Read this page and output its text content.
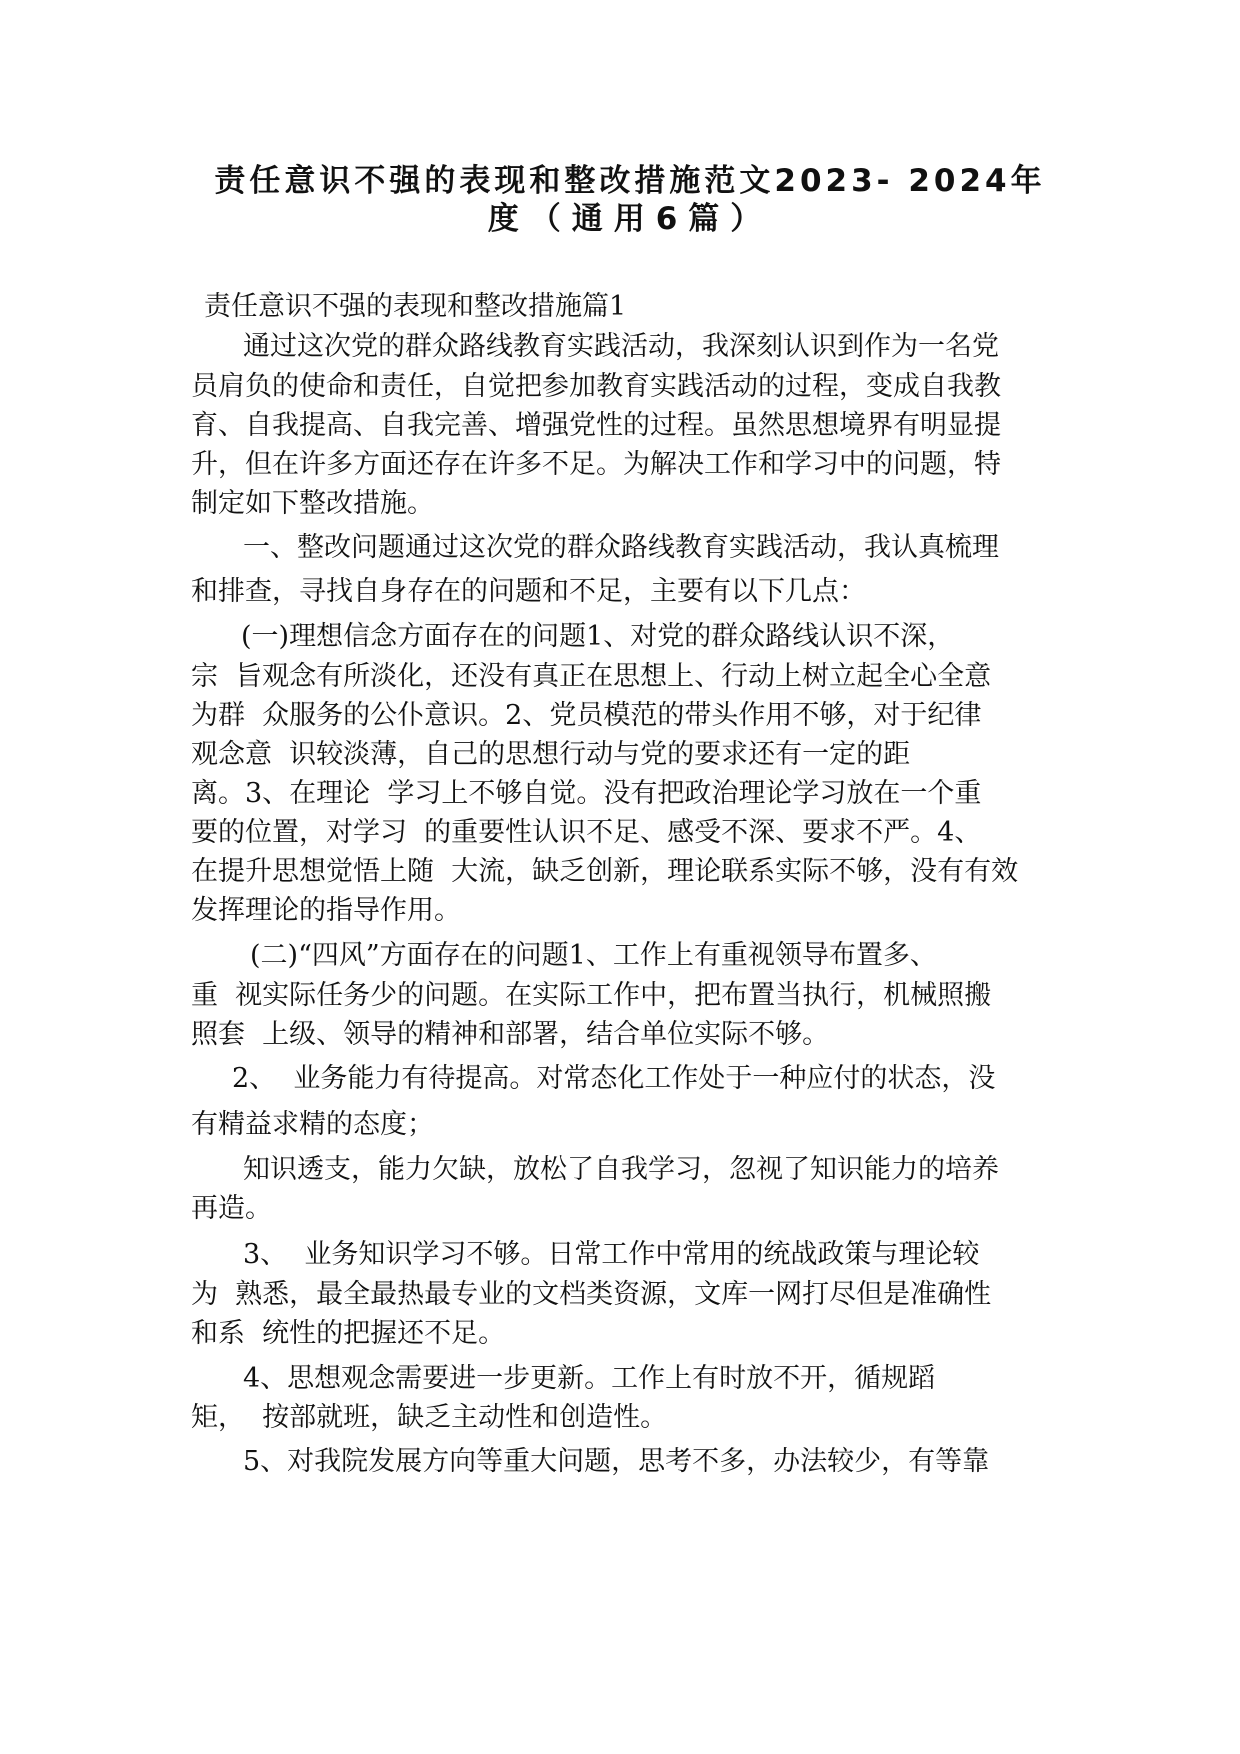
责任意识不强的表现和整改措施范文2023- 2024年
度（通用6篇）

责任意识不强的表现和整改措施篇1

通过这次党的群众路线教育实践活动，我深刻认识到作为一名党

员肩负的使命和责任，自觉把参加教育实践活动的过程，变成自我教

育、自我提高、自我完善、增强党性的过程。虽然思想境界有明显提

升，但在许多方面还存在许多不足。为解决工作和学习中的问题，特

制定如下整改措施。

一、整改问题通过这次党的群众路线教育实践活动，我认真梳理

和排查，寻找自身存在的问题和不足，主要有以下几点：

(一)理想信念方面存在的问题1、对党的群众路线认识不深，

宗  旨观念有所淡化，还没有真正在思想上、行动上树立起全心全意

为群  众服务的公仆意识。2、党员模范的带头作用不够，对于纪律

观念意  识较淡薄，自己的思想行动与党的要求还有一定的距

离。3、在理论  学习上不够自觉。没有把政治理论学习放在一个重

要的位置，对学习  的重要性认识不足、感受不深、要求不严。4、

在提升思想觉悟上随  大流，缺乏创新，理论联系实际不够，没有有效

发挥理论的指导作用。

(二)“四风”方面存在的问题1、工作上有重视领导布置多、

重  视实际任务少的问题。在实际工作中，把布置当执行，机械照搬

照套  上级、领导的精神和部署，结合单位实际不够。

2、  业务能力有待提高。对常态化工作处于一种应付的状态，没

有精益求精的态度；

知识透支，能力欠缺，放松了自我学习，忽视了知识能力的培养

再造。

3、  业务知识学习不够。日常工作中常用的统战政策与理论较

为  熟悉，最全最热最专业的文档类资源，文库一网打尽但是准确性

和系  统性的把握还不足。

4、思想观念需要进一步更新。工作上有时放不开，循规蹈

矩，  按部就班，缺乏主动性和创造性。

5、对我院发展方向等重大问题，思考不多，办法较少，有等靠
